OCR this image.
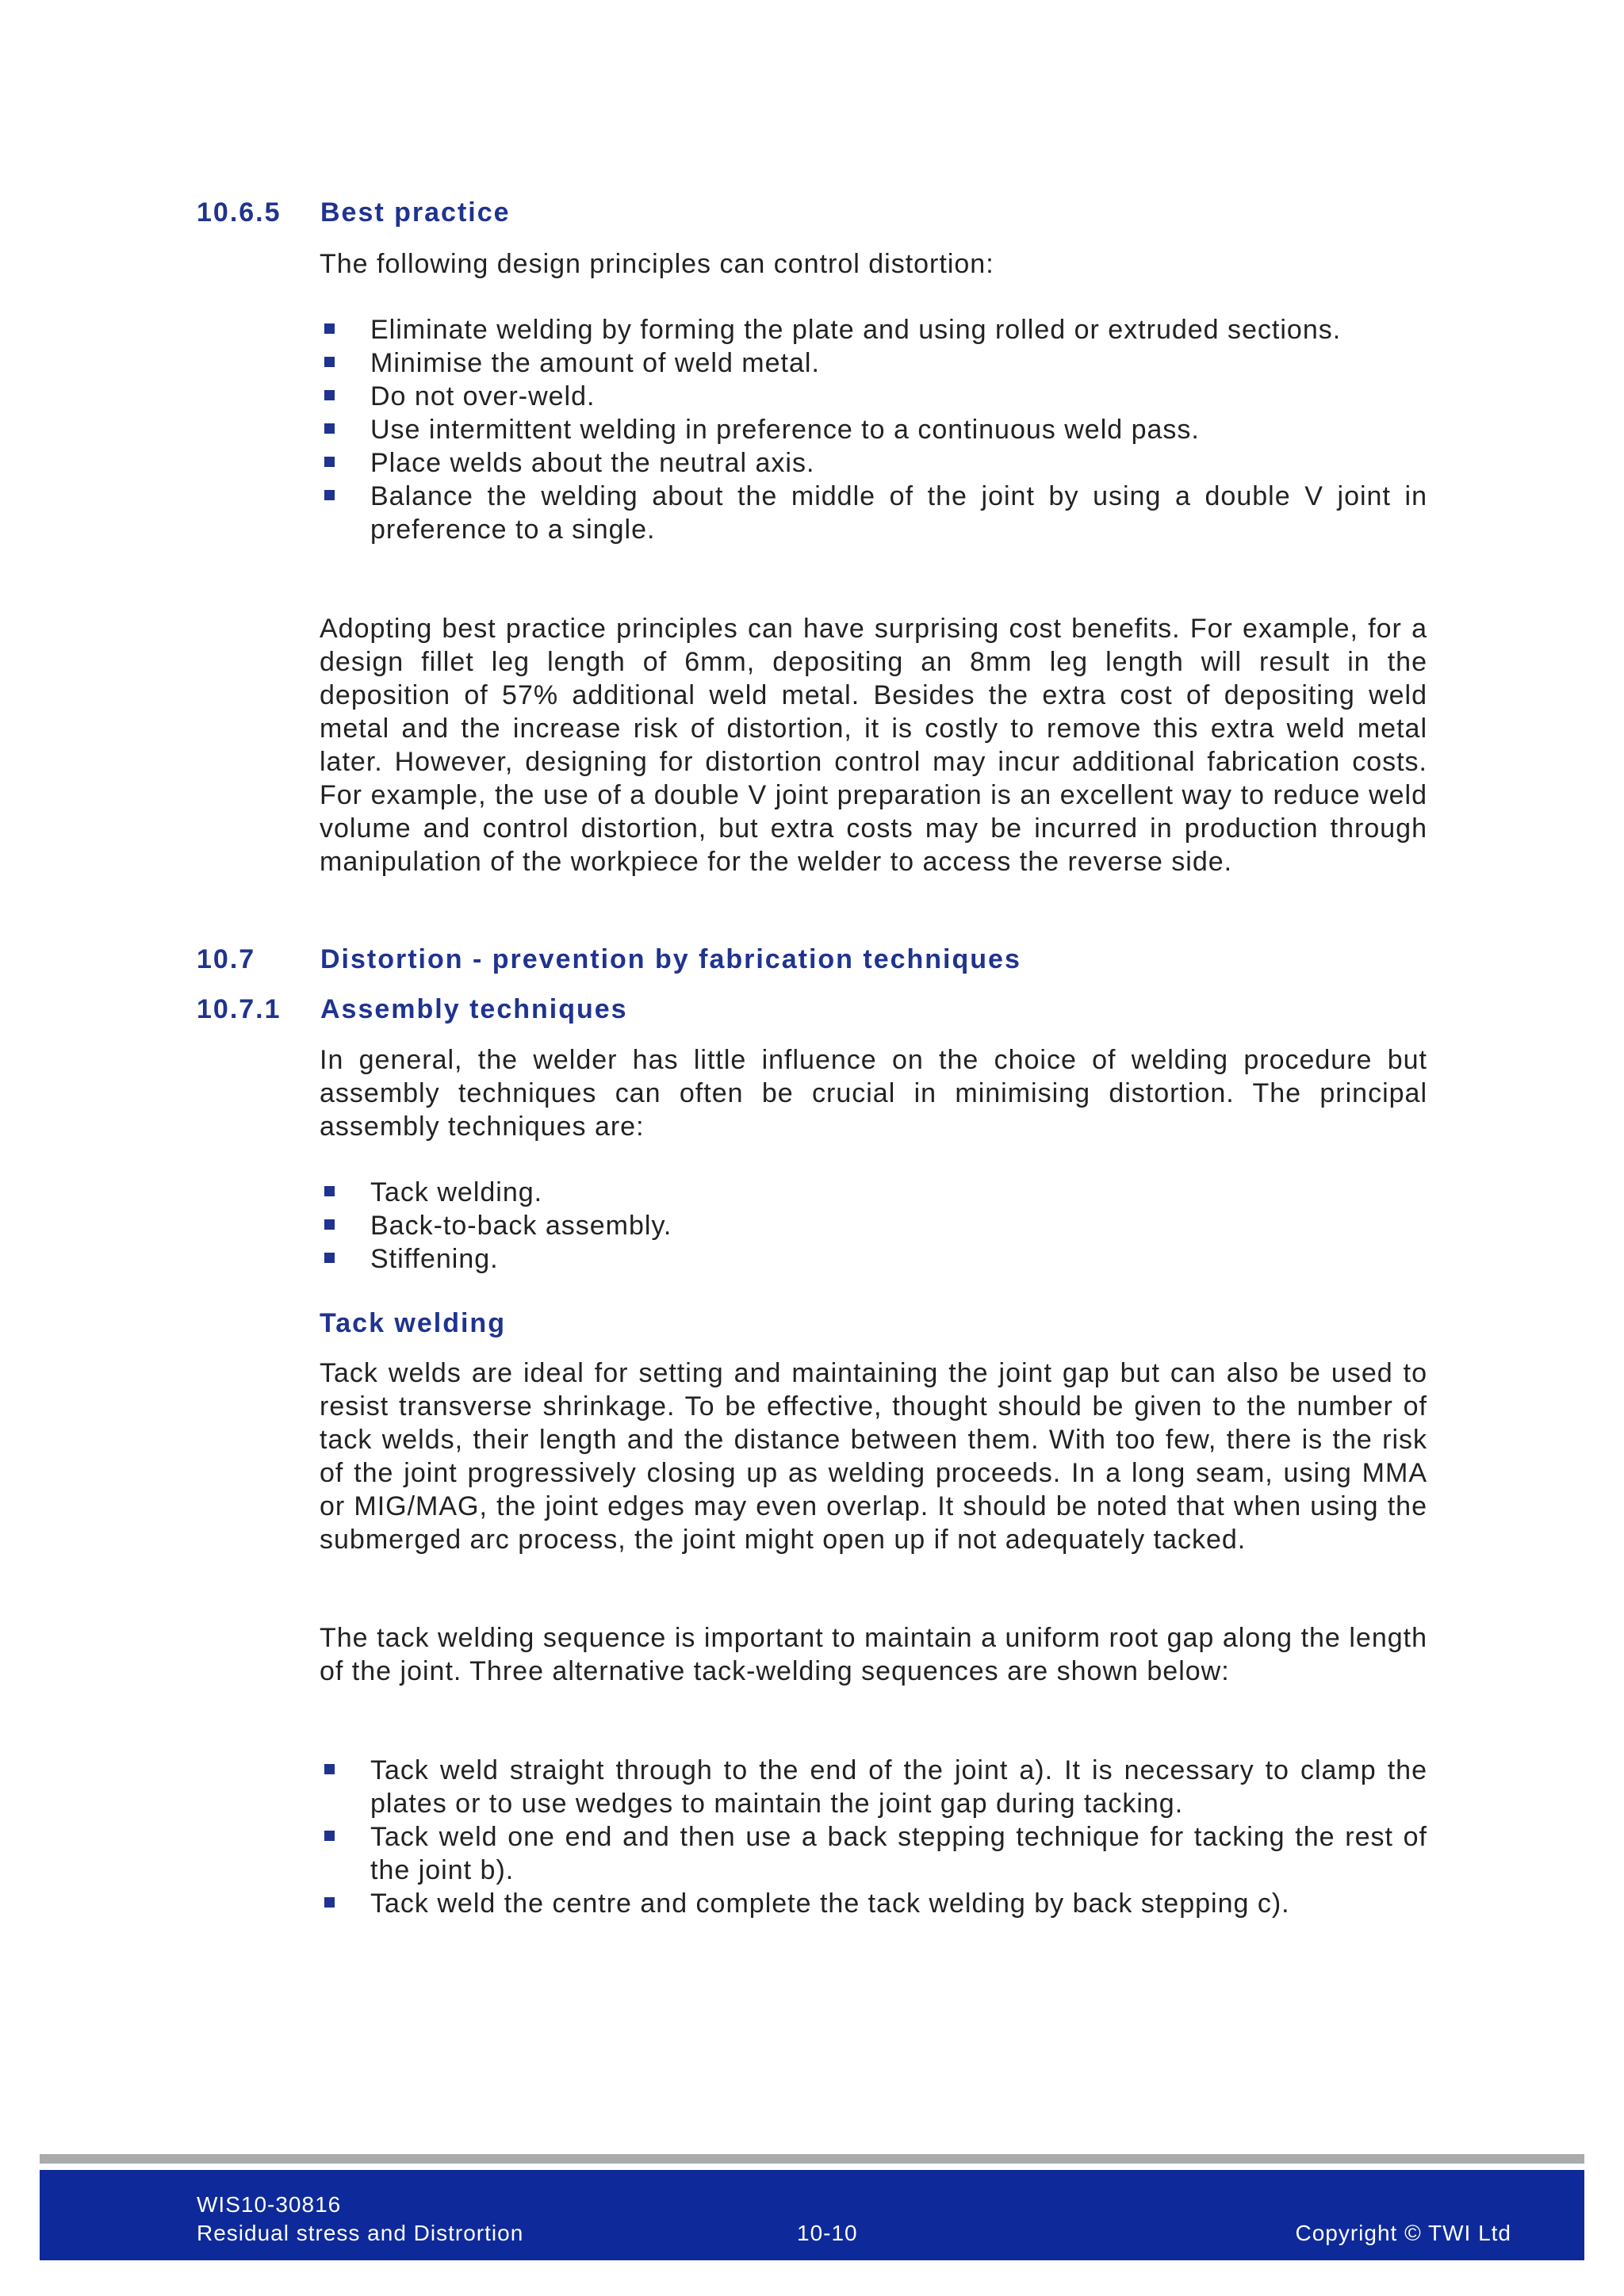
10.6.5 Best practice

The following design principles can control distortion:

Eliminate welding by forming the plate and using rolled or extruded sections.
Minimise the amount of weld metal.
Do not over-weld.
Use intermittent welding in preference to a continuous weld pass.
Place welds about the neutral axis.
Balance the welding about the middle of the joint by using a double V joint in preference to a single.

Adopting best practice principles can have surprising cost benefits. For example, for a design fillet leg length of 6mm, depositing an 8mm leg length will result in the deposition of 57% additional weld metal. Besides the extra cost of depositing weld metal and the increase risk of distortion, it is costly to remove this extra weld metal later. However, designing for distortion control may incur additional fabrication costs. For example, the use of a double V joint preparation is an excellent way to reduce weld volume and control distortion, but extra costs may be incurred in production through manipulation of the workpiece for the welder to access the reverse side.

10.7 Distortion - prevention by fabrication techniques
10.7.1 Assembly techniques

In general, the welder has little influence on the choice of welding procedure but assembly techniques can often be crucial in minimising distortion. The principal assembly techniques are:

Tack welding.
Back-to-back assembly.
Stiffening.
Tack welding

Tack welds are ideal for setting and maintaining the joint gap but can also be used to resist transverse shrinkage. To be effective, thought should be given to the number of tack welds, their length and the distance between them. With too few, there is the risk of the joint progressively closing up as welding proceeds. In a long seam, using MMA or MIG/MAG, the joint edges may even overlap. It should be noted that when using the submerged arc process, the joint might open up if not adequately tacked.

The tack welding sequence is important to maintain a uniform root gap along the length of the joint. Three alternative tack-welding sequences are shown below:

Tack weld straight through to the end of the joint a). It is necessary to clamp the plates or to use wedges to maintain the joint gap during tacking.
Tack weld one end and then use a back stepping technique for tacking the rest of the joint b).
Tack weld the centre and complete the tack welding by back stepping c).
WIS10-30816
Residual stress and Distrortion	10-10	Copyright © TWI Ltd
